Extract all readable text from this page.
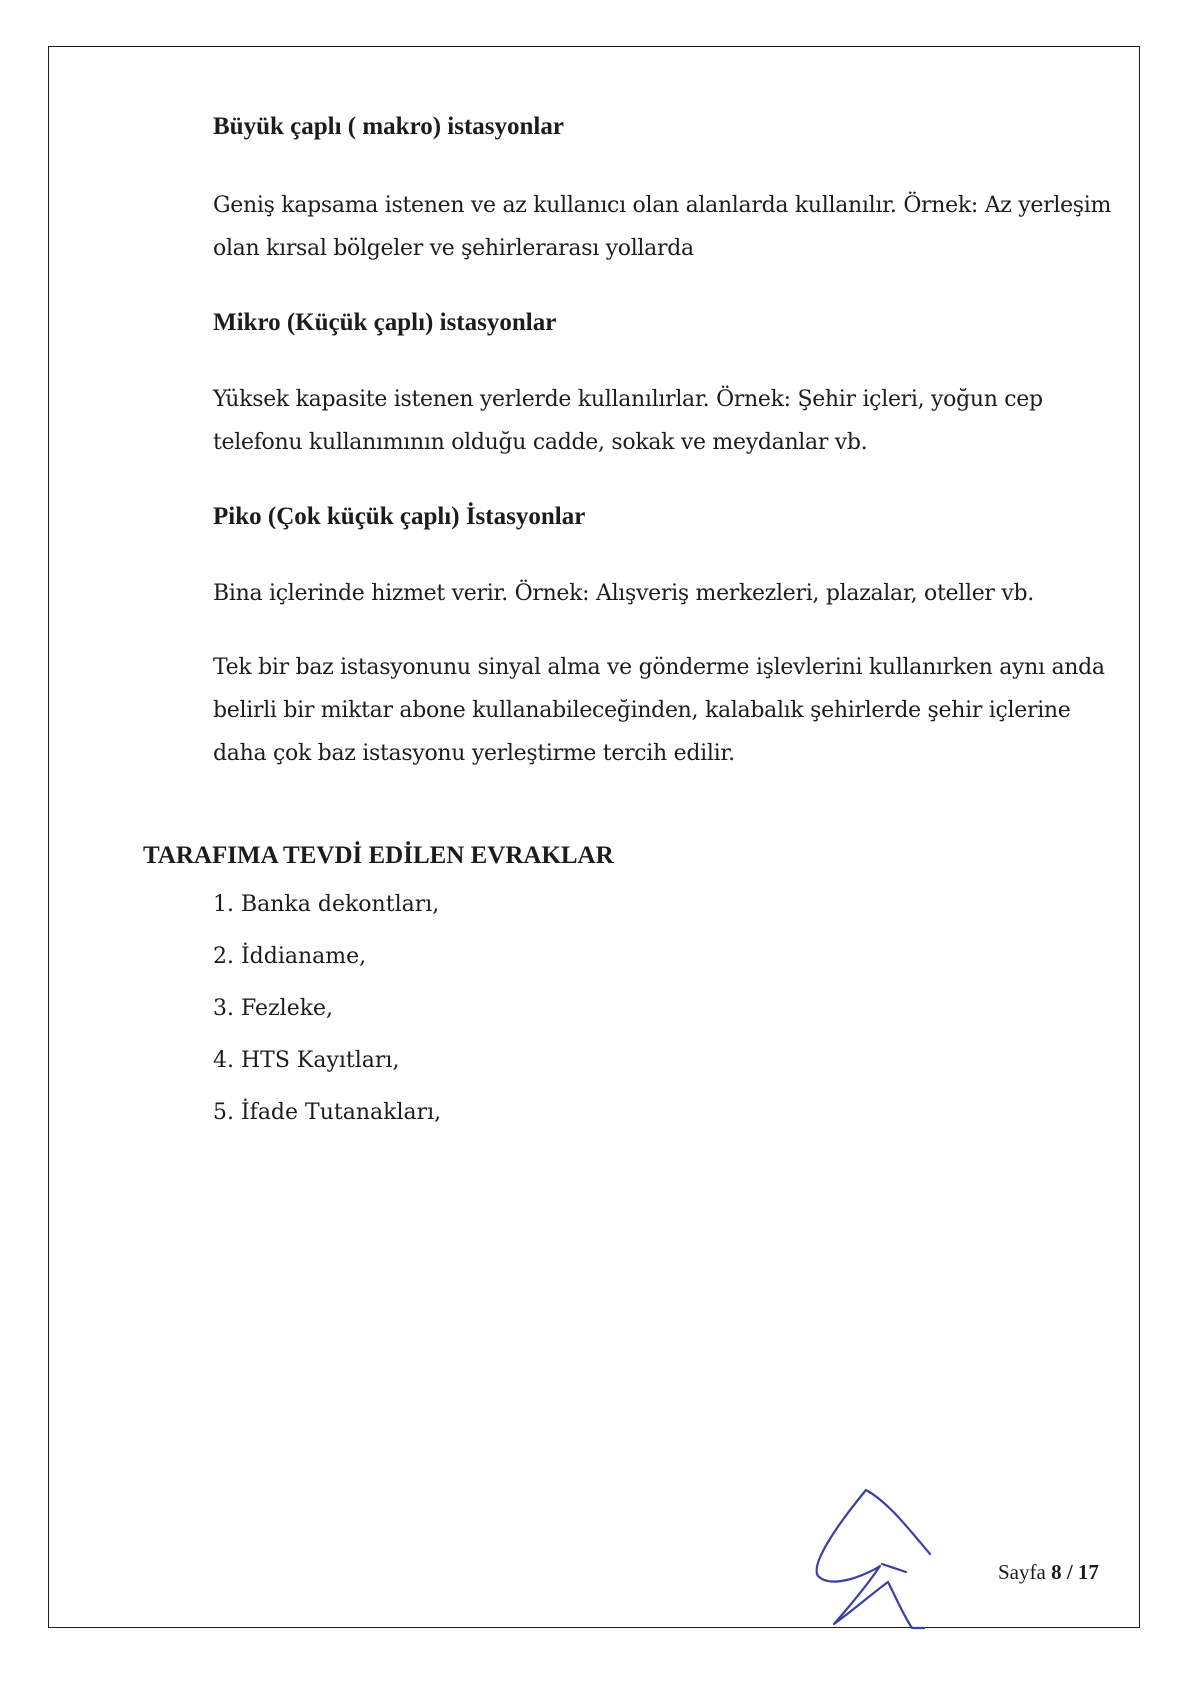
Büyük çaplı ( makro) istasyonlar

Geniş kapsama istenen ve az kullanıcı olan alanlarda kullanılır. Örnek: Az yerleşim olan kırsal bölgeler ve şehirlerarası yollarda

Mikro (Küçük çaplı) istasyonlar

Yüksek kapasite istenen yerlerde kullanılırlar. Örnek: Şehir içleri, yoğun cep telefonu kullanımının olduğu cadde, sokak ve meydanlar vb.

Piko (Çok küçük çaplı) İstasyonlar

Bina içlerinde hizmet verir. Örnek: Alışveriş merkezleri, plazalar, oteller vb.

Tek bir baz istasyonunu sinyal alma ve gönderme işlevlerini kullanırken aynı anda belirli bir miktar abone kullanabileceğinden, kalabalık şehirlerde şehir içlerine daha çok baz istasyonu yerleştirme tercih edilir.

TARAFIMA TEVDİ EDİLEN EVRAKLAR
1. Banka dekontları,
2. İddianame,
3. Fezleke,
4. HTS Kayıtları,
5. İfade Tutanakları,
Sayfa 8 / 17
